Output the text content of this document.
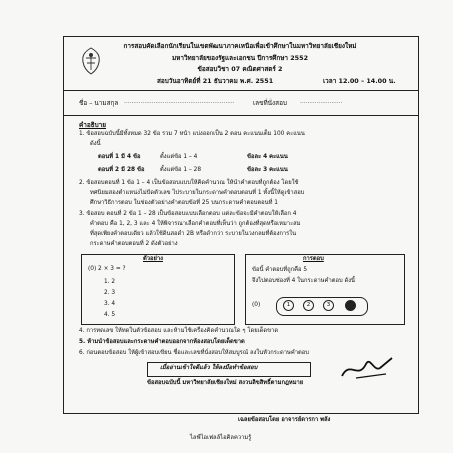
การสอบคัดเลือกนักเรียนในเขตพัฒนาภาคเหนือเพื่อเข้าศึกษาในมหาวิทยาลัยเชียงใหม่
มหาวิทยาลัยของรัฐและเอกชน ปีการศึกษา 2552
ข้อสอบวิชา 07 คณิตศาสตร์ 2
สอบวันอาทิตย์ที่ 21 ธันวาคม พ.ศ. 2551	เวลา 12.00 – 14.00 น.
ชื่อ – นามสกุล ............................................................	เลขที่นั่งสอบ .......................
คำอธิบาย
1. ข้อสอบฉบับนี้มีทั้งหมด 32 ข้อ รวม 7 หน้า แบ่งออกเป็น 2 ตอน คะแนนเต็ม 100 คะแนน
ดังนี้
ตอนที่ 1 มี 4 ข้อ	ตั้งแต่ข้อ 1 – 4	ข้อละ 4 คะแนน
ตอนที่ 2 มี 28 ข้อ	ตั้งแต่ข้อ 1 – 28	ข้อละ 3 คะแนน
2. ข้อสอบตอนที่ 1 ข้อ 1 – 4 เป็นข้อสอบแบบให้คิดคำนวณ ให้นำคำตอบที่ถูกต้อง โดยใช้
ทศนิยมสองตำแหน่งไม่ปัดตัวเลข ไประบายในกระดาษคำตอบตอนที่ 1 ทั้งนี้ให้ดูเข้าสอบ
ศึกษาวิธีการตอบ ในช่องตัวอย่างคำตอบข้อที่ 25 บนกระดาษคำตอบตอนที่ 1
3. ข้อสอบ ตอนที่ 2 ข้อ 1 – 28 เป็นข้อสอบแบบเลือกตอบ แต่ละข้อจะมีคำตอบให้เลือก 4
คำตอบ คือ 1, 2, 3 และ 4 ให้พิจารณาเลือกคำตอบที่เห็นว่า ถูกต้องที่สุดหรือเหมาะสม
ที่สุดเพียงคำตอบเดียว แล้วใช้ดินสอดำ 2B หรือดำกว่า ระบายในวงกลมที่ต้องการใน
กระดาษคำตอบตอนที่ 2 ดังตัวอย่าง
ตัวอย่าง
(0) 2 × 3 = ?
1. 2
2. 3
3. 4
4. 5
การตอบ
ข้อนี้ คำตอบที่ถูกคือ 5
จึงไปตอบช่องที่ 4 ในกระดาษคำตอบ ดังนี้
(0)	1	2	3
4. การทดเลข ให้ทดในตัวข้อสอบ และห้ามใช้เครื่องคิดคำนวณใด ๆ โดยเด็ดขาด
5. ห้ามนำข้อสอบและกระดาษคำตอบออกจากห้องสอบโดยเด็ดขาด
6. ก่อนตอบข้อสอบ ให้ผู้เข้าสอบเขียน ชื่อและเลขที่นั่งสอบให้สมบูรณ์ ลงในหัวกระดาษคำตอบ
เมื่ออ่านเข้าใจดีแล้ว ให้ลงมือทำข้อสอบ
ข้อสอบฉบับนี้ มหาวิทยาลัยเชียงใหม่ สงวนลิขสิทธิ์ตามกฎหมาย
เฉลยข้อสอบโดย อาจารย์ดารกา พลัง
ไลฟ์ไอเฟลล์ไอคิลความรู้
